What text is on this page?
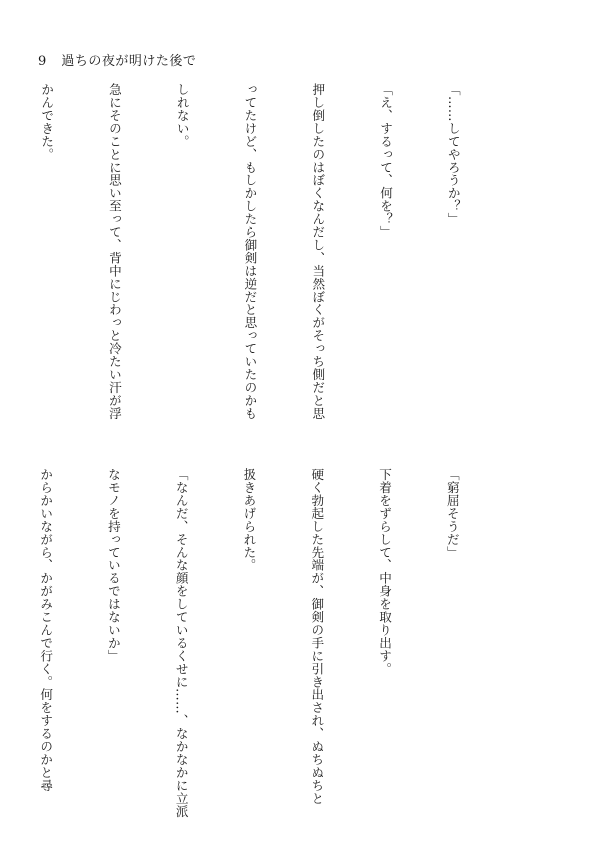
9 過ちの夜が明けた後で

「……してやろうか？」

「え、するって、何を？」

押し倒したのはぼくなんだし、当然ぼくがそっち側だと思

ってたけど、もしかしたら御剣は逆だと思っていたのかも

しれない。

急にそのことに思い至って、背中にじわっと冷たい汗が浮

かんできた。

「窮屈そうだ」

下着をずらして、中身を取り出す。

硬く勃起した先端が、御剣の手に引き出され、ぬちぬちと

扱きあげられた。

「なんだ、そんな顔をしているくせに……、なかなかに立派

なモノを持っているではないか」

からかいながら、かがみこんで行く。何をするのかと尋
